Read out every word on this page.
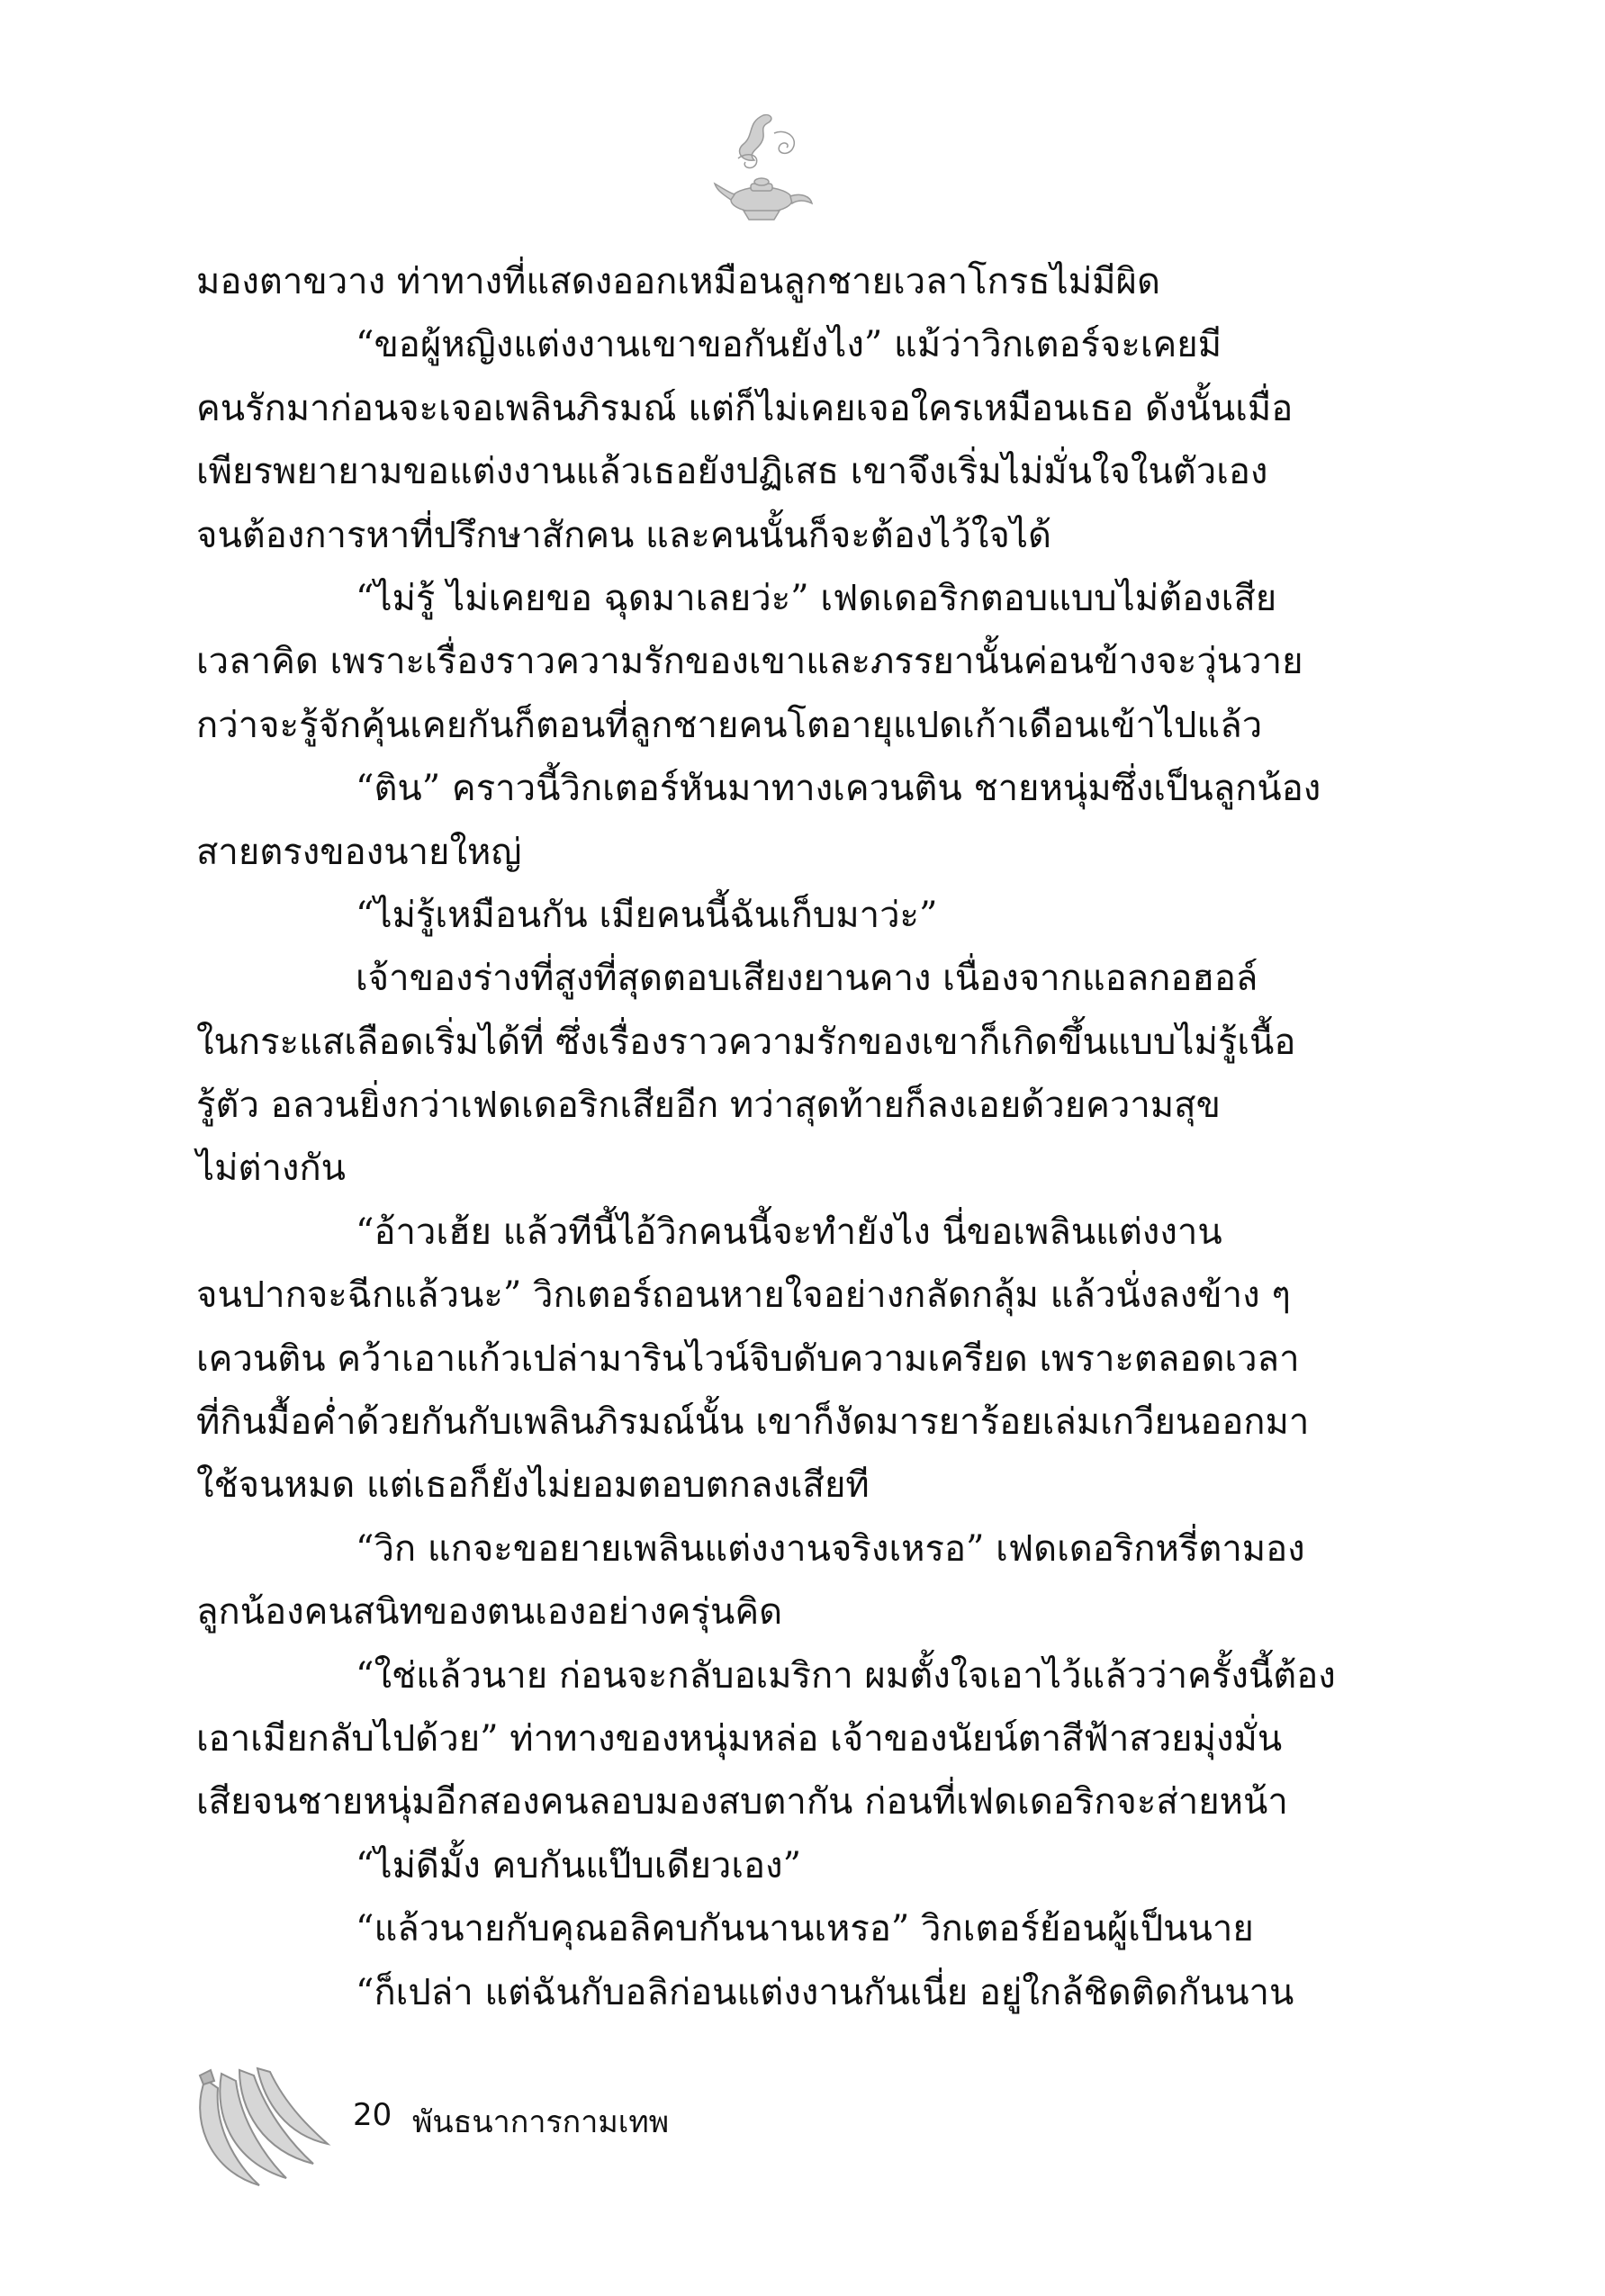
มองตาขวาง ท่าทางที่แสดงออกเหมือนลูกชายเวลาโกรธไม่มีผิด
“ขอผู้หญิงแต่งงานเขาขอกันยังไง” แม้ว่าวิกเตอร์จะเคยมี
คนรักมาก่อนจะเจอเพลินภิรมณ์ แต่ก็ไม่เคยเจอใครเหมือนเธอ ดังนั้นเมื่อ
เพียรพยายามขอแต่งงานแล้วเธอยังปฏิเสธ เขาจึงเริ่มไม่มั่นใจในตัวเอง
จนต้องการหาที่ปรึกษาสักคน และคนนั้นก็จะต้องไว้ใจได้
“ไม่รู้ ไม่เคยขอ ฉุดมาเลยว่ะ” เฟดเดอริกตอบแบบไม่ต้องเสีย
เวลาคิด เพราะเรื่องราวความรักของเขาและภรรยานั้นค่อนข้างจะวุ่นวาย
กว่าจะรู้จักคุ้นเคยกันก็ตอนที่ลูกชายคนโตอายุแปดเก้าเดือนเข้าไปแล้ว
“ติน” คราวนี้วิกเตอร์หันมาทางเควนติน ชายหนุ่มซึ่งเป็นลูกน้อง
สายตรงของนายใหญ่
“ไม่รู้เหมือนกัน เมียคนนี้ฉันเก็บมาว่ะ”
เจ้าของร่างที่สูงที่สุดตอบเสียงยานคาง เนื่องจากแอลกอฮอล์
ในกระแสเลือดเริ่มได้ที่ ซึ่งเรื่องราวความรักของเขาก็เกิดขึ้นแบบไม่รู้เนื้อ
รู้ตัว อลวนยิ่งกว่าเฟดเดอริกเสียอีก ทว่าสุดท้ายก็ลงเอยด้วยความสุข
ไม่ต่างกัน
“อ้าวเฮ้ย แล้วทีนี้ไอ้วิกคนนี้จะทำยังไง นี่ขอเพลินแต่งงาน
จนปากจะฉีกแล้วนะ” วิกเตอร์ถอนหายใจอย่างกลัดกลุ้ม แล้วนั่งลงข้าง ๆ
เควนติน คว้าเอาแก้วเปล่ามารินไวน์จิบดับความเครียด เพราะตลอดเวลา
ที่กินมื้อค่ำด้วยกันกับเพลินภิรมณ์นั้น เขาก็งัดมารยาร้อยเล่มเกวียนออกมา
ใช้จนหมด แต่เธอก็ยังไม่ยอมตอบตกลงเสียที
“วิก แกจะขอยายเพลินแต่งงานจริงเหรอ” เฟดเดอริกหรี่ตามอง
ลูกน้องคนสนิทของตนเองอย่างครุ่นคิด
“ใช่แล้วนาย ก่อนจะกลับอเมริกา ผมตั้งใจเอาไว้แล้วว่าครั้งนี้ต้อง
เอาเมียกลับไปด้วย” ท่าทางของหนุ่มหล่อ เจ้าของนัยน์ตาสีฟ้าสวยมุ่งมั่น
เสียจนชายหนุ่มอีกสองคนลอบมองสบตากัน ก่อนที่เฟดเดอริกจะส่ายหน้า
“ไม่ดีมั้ง คบกันแป๊บเดียวเอง”
“แล้วนายกับคุณอลิคบกันนานเหรอ” วิกเตอร์ย้อนผู้เป็นนาย
“ก็เปล่า แต่ฉันกับอลิก่อนแต่งงานกันเนี่ย อยู่ใกล้ชิดติดกันนาน
20 พันธนาการกามเทพ
